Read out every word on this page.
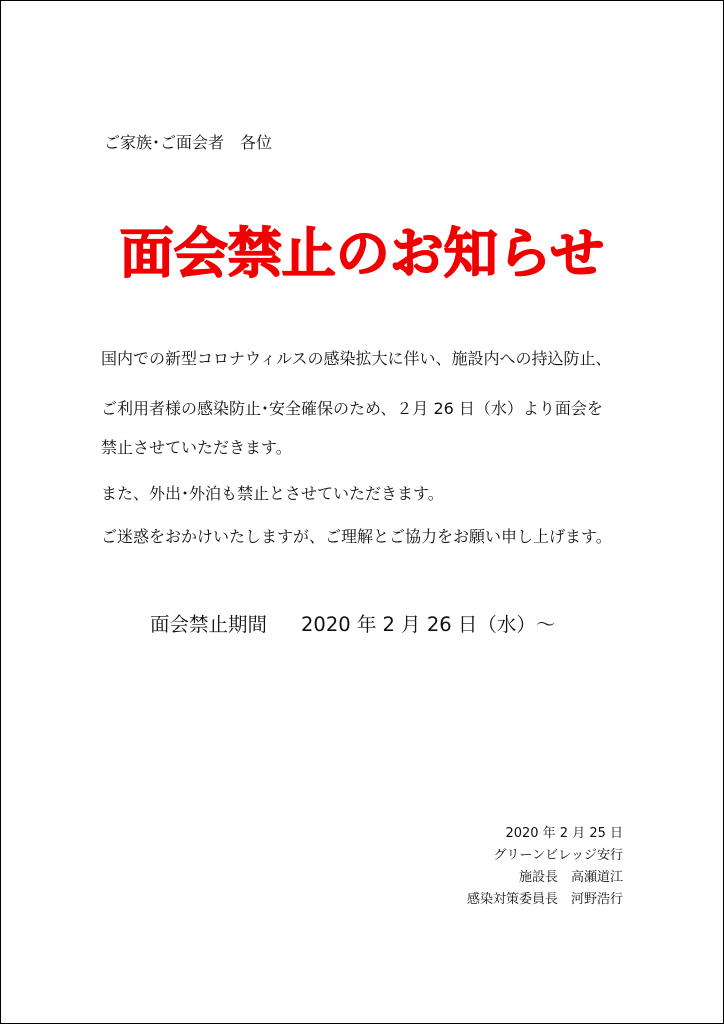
ご家族･ご面会者　各位
面会禁止のお知らせ
国内での新型コロナウィルスの感染拡大に伴い、施設内への持込防止、
ご利用者様の感染防止･安全確保のため、２月 26 日（水）より面会を
禁止させていただきます。
また、外出･外泊も禁止とさせていただきます。
ご迷惑をおかけいたしますが、ご理解とご協力をお願い申し上げます。
面会禁止期間 2020 年 2 月 26 日（水）～
2020 年 2 月 25 日
グリーンビレッジ安行
施設長　高瀬道江
感染対策委員長　河野浩行
